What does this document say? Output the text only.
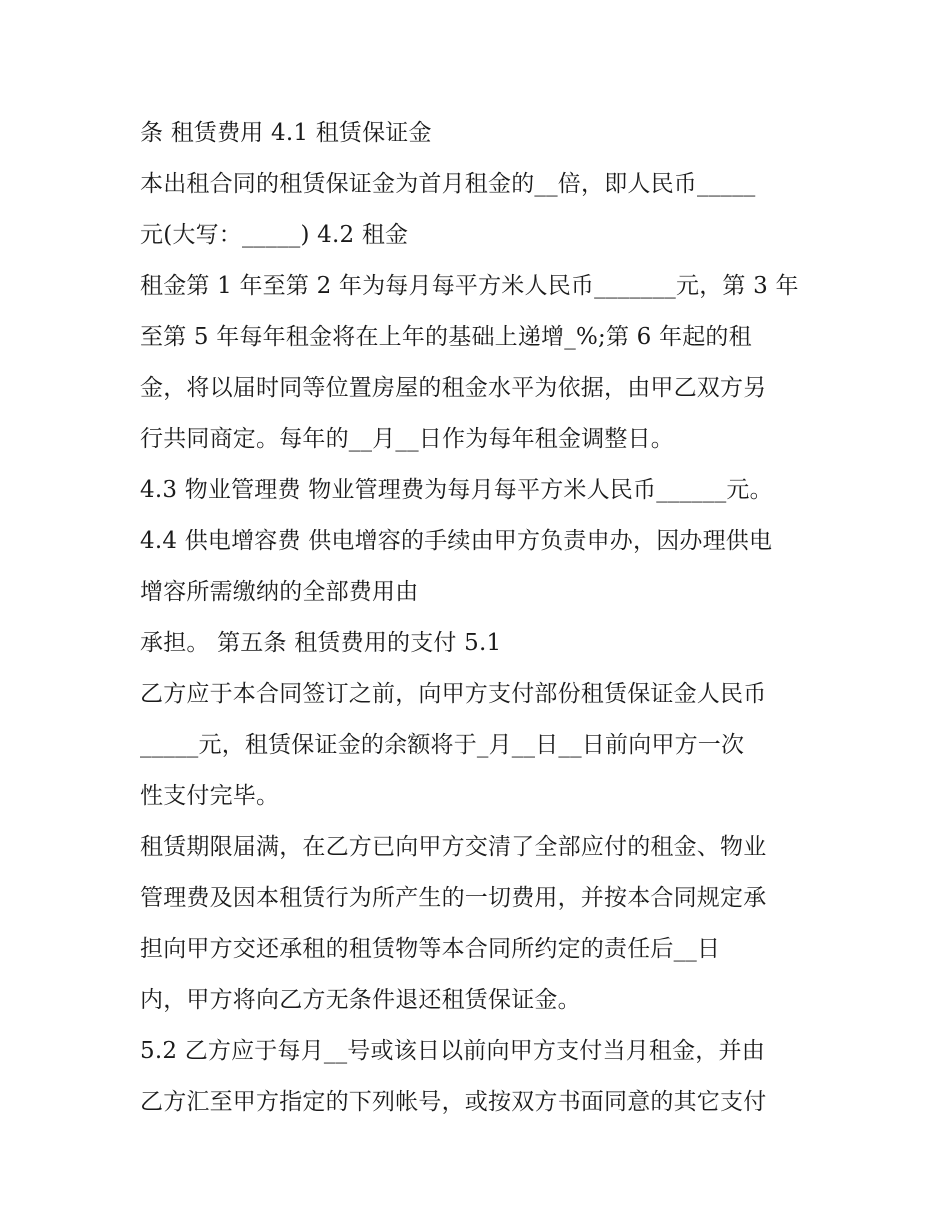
条 租赁费用 4.1 租赁保证金
本出租合同的租赁保证金为首月租金的__倍，即人民币_____
元(大写：_____) 4.2 租金
租金第 1 年至第 2 年为每月每平方米人民币_______元，第 3 年
至第 5 年每年租金将在上年的基础上递增_%;第 6 年起的租
金，将以届时同等位置房屋的租金水平为依据，由甲乙双方另
行共同商定。每年的__月__日作为每年租金调整日。
4.3 物业管理费 物业管理费为每月每平方米人民币______元。
4.4 供电增容费 供电增容的手续由甲方负责申办，因办理供电
增容所需缴纳的全部费用由
承担。 第五条 租赁费用的支付 5.1
乙方应于本合同签订之前，向甲方支付部份租赁保证金人民币
_____元，租赁保证金的余额将于_月__日__日前向甲方一次
性支付完毕。
租赁期限届满，在乙方已向甲方交清了全部应付的租金、物业
管理费及因本租赁行为所产生的一切费用，并按本合同规定承
担向甲方交还承租的租赁物等本合同所约定的责任后__日
内，甲方将向乙方无条件退还租赁保证金。
5.2 乙方应于每月__号或该日以前向甲方支付当月租金，并由
乙方汇至甲方指定的下列帐号，或按双方书面同意的其它支付
